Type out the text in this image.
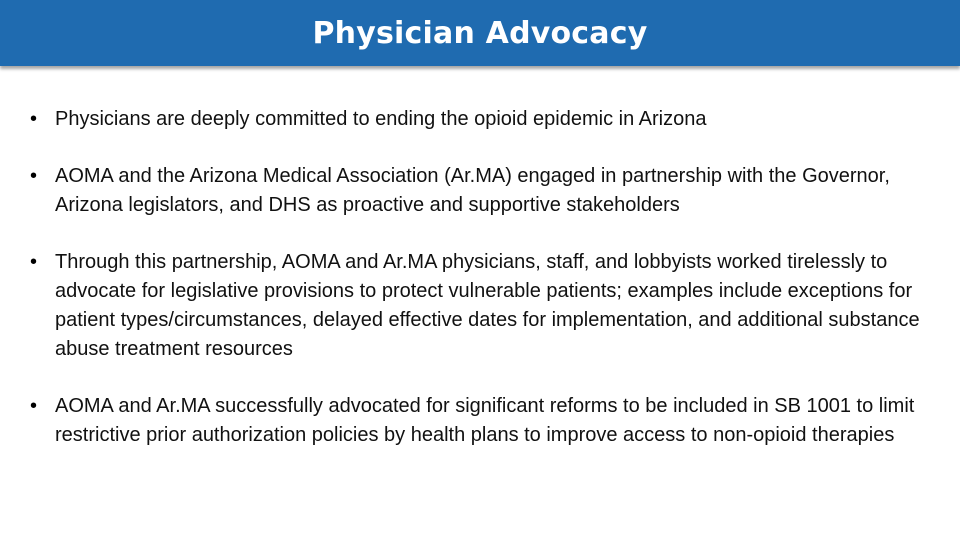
Physician Advocacy
• Physicians are deeply committed to ending the opioid epidemic in Arizona
• AOMA and the Arizona Medical Association (Ar.MA) engaged in partnership with the Governor, Arizona legislators, and DHS as proactive and supportive stakeholders
• Through this partnership, AOMA and Ar.MA physicians, staff, and lobbyists worked tirelessly to advocate for legislative provisions to protect vulnerable patients; examples include exceptions for patient types/circumstances, delayed effective dates for implementation, and additional substance abuse treatment resources
• AOMA and Ar.MA successfully advocated for significant reforms to be included in SB 1001 to limit restrictive prior authorization policies by health plans to improve access to non-opioid therapies
